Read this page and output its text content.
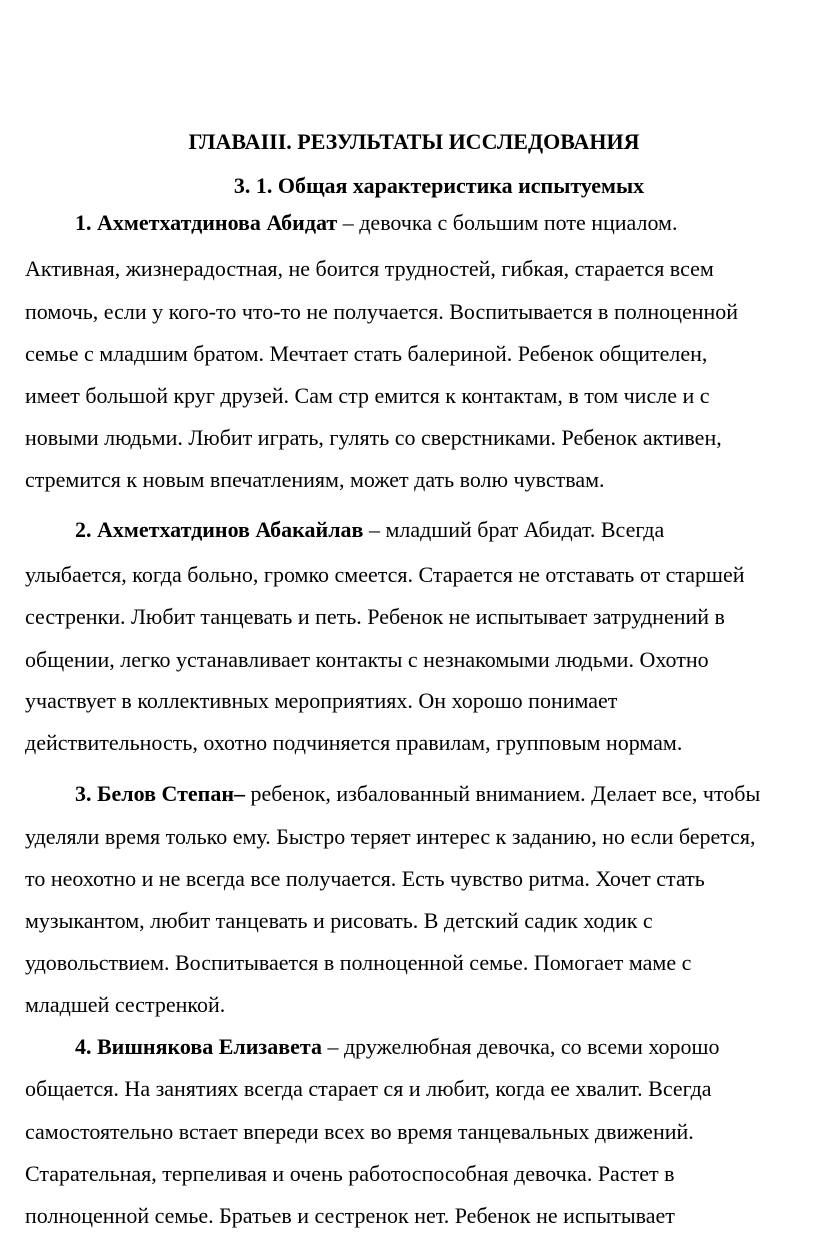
ГЛАВАIII. РЕЗУЛЬТАТЫ ИССЛЕДОВАНИЯ
3. 1. Общая характеристика испытуемых
1. Ахметхатдинова Абидат – девочка с большим поте нциалом.
Активная, жизнерадостная, не боится трудностей, гибкая, старается всем
помочь, если у кого-то что-то не получается. Воспитывается в полноценной
семье с младшим братом. Мечтает стать балериной. Ребенок общителен,
имеет большой круг друзей. Сам стр емится к контактам, в том числе и с
новыми людьми. Любит играть, гулять со сверстниками. Ребенок активен,
стремится к новым впечатлениям, может дать волю чувствам.
2. Ахметхатдинов Абакайлав – младший брат Абидат. Всегда
улыбается, когда больно, громко смеется. Старается не отставать от старшей
сестренки. Любит танцевать и петь. Ребенок не испытывает затруднений в
общении, легко устанавливает контакты с незнакомыми людьми. Охотно
участвует в коллективных мероприятиях. Он хорошо понимает
действительность, охотно подчиняется правилам, групповым нормам.
3. Белов Степан– ребенок, избалованный вниманием. Делает все, чтобы
уделяли время только ему. Быстро теряет интерес к заданию, но если берется,
то неохотно и не всегда все получается. Есть чувство ритма. Хочет стать
музыкантом, любит танцевать и рисовать. В детский садик ходик с
удовольствием. Воспитывается в полноценной семье. Помогает маме с
младшей сестренкой.
4. Вишнякова Елизавета – дружелюбная девочка, со всеми хорошо
общается. На занятиях всегда старает ся и любит, когда ее хвалит. Всегда
самостоятельно встает впереди всех во время танцевальных движений.
Старательная, терпеливая и очень работоспособная девочка. Растет в
полноценной семье. Братьев и сестренок нет. Ребенок не испытывает
